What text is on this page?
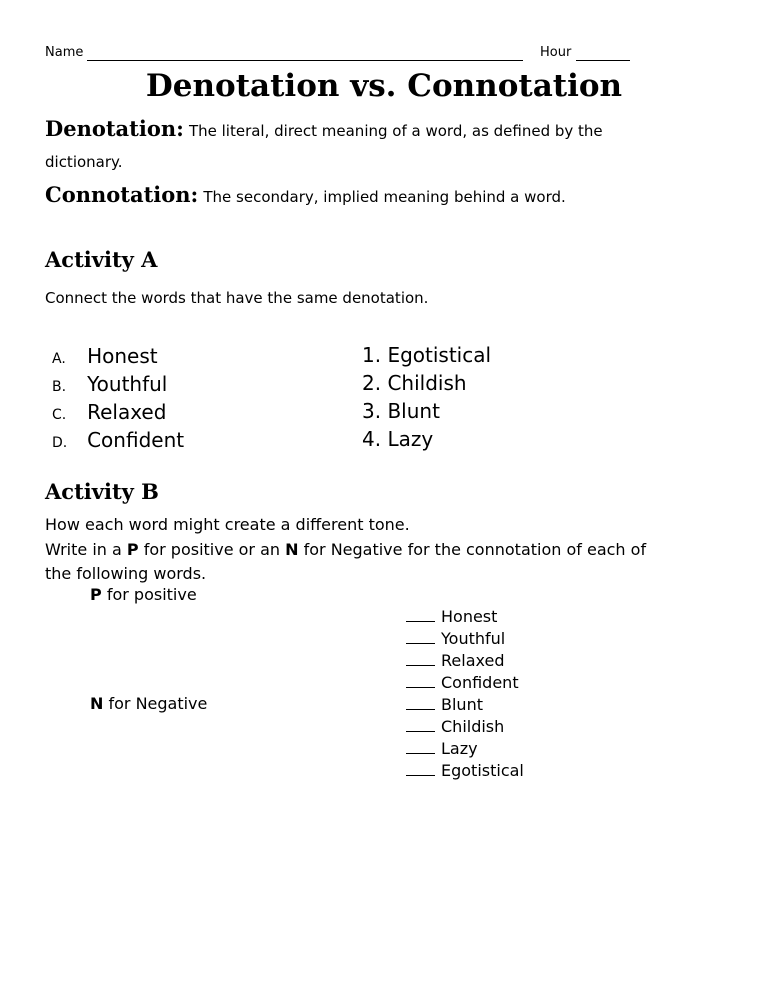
Name	Hour
Denotation vs. Connotation
Denotation: The literal, direct meaning of a word, as defined by the
dictionary.
Connotation: The secondary, implied meaning behind a word.
Activity A
Connect the words that have the same denotation.
A. Honest
B. Youthful
C. Relaxed
D. Confident
1. Egotistical
2. Childish
3. Blunt
4. Lazy
Activity B
How each word might create a different tone.
Write in a P for positive or an N for Negative for the connotation of each of
the following words.
P for positive
N for Negative
Honest
Youthful
Relaxed
Confident
Blunt
Childish
Lazy
Egotistical
